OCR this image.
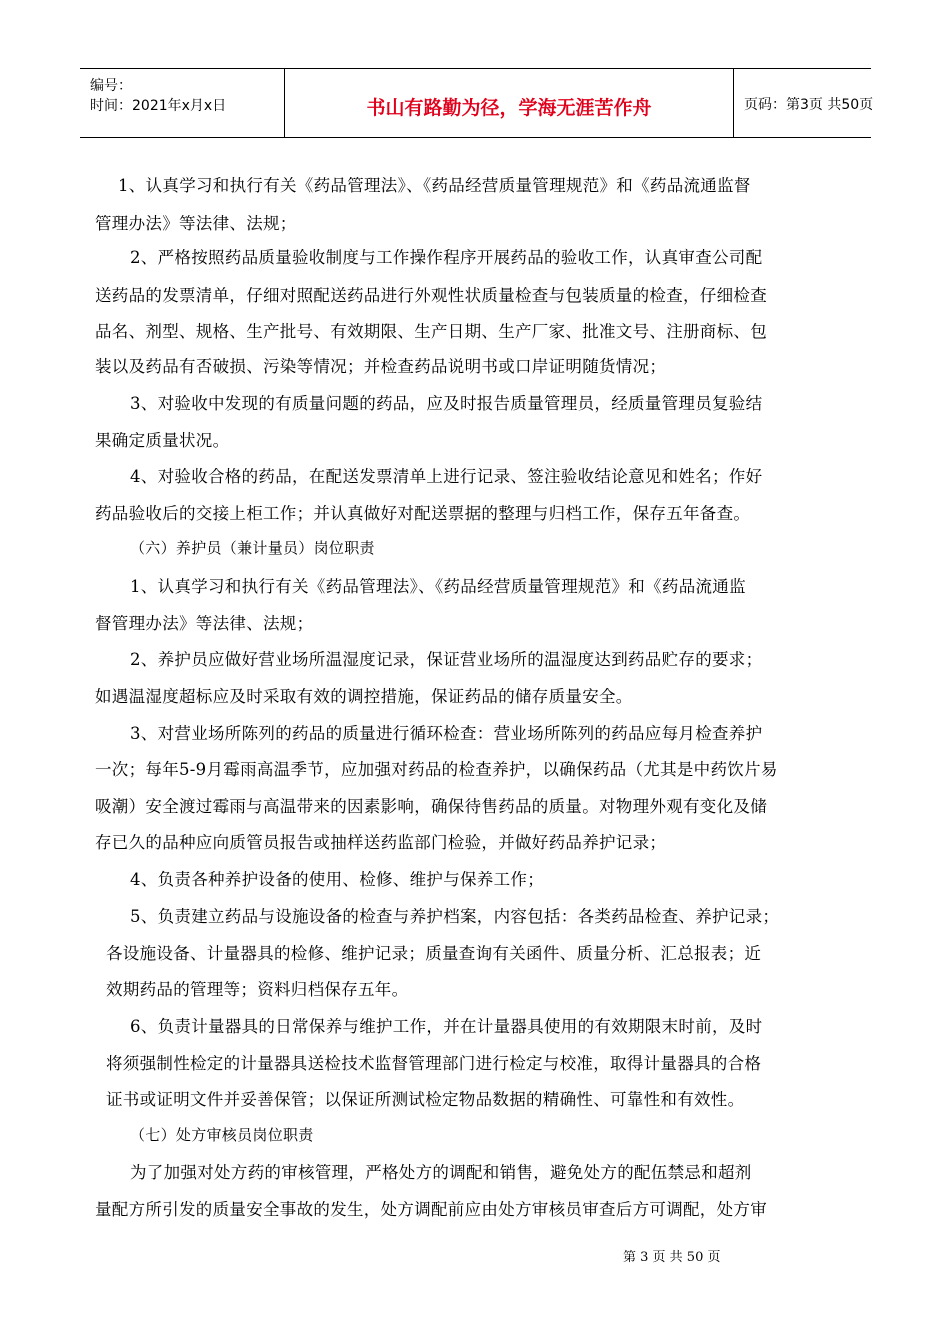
编号：
时间：2021年x月x日	书山有路勤为径，学海无涯苦作舟	页码：第3页 共50页
1、认真学习和执行有关《药品管理法》、《药品经营质量管理规范》和《药品流通监督
管理办法》等法律、法规；
2、严格按照药品质量验收制度与工作操作程序开展药品的验收工作，认真审查公司配
送药品的发票清单，仔细对照配送药品进行外观性状质量检查与包装质量的检查，仔细检查
品名、剂型、规格、生产批号、有效期限、生产日期、生产厂家、批准文号、注册商标、包
装以及药品有否破损、污染等情况；并检查药品说明书或口岸证明随货情况；
3、对验收中发现的有质量问题的药品，应及时报告质量管理员，经质量管理员复验结
果确定质量状况。
4、对验收合格的药品，在配送发票清单上进行记录、签注验收结论意见和姓名；作好
药品验收后的交接上柜工作；并认真做好对配送票据的整理与归档工作，保存五年备查。
（六）养护员（兼计量员）岗位职责
1、认真学习和执行有关《药品管理法》、《药品经营质量管理规范》和《药品流通监
督管理办法》等法律、法规；
2、养护员应做好营业场所温湿度记录，保证营业场所的温湿度达到药品贮存的要求；
如遇温湿度超标应及时采取有效的调控措施，保证药品的储存质量安全。
3、对营业场所陈列的药品的质量进行循环检查：营业场所陈列的药品应每月检查养护
一次；每年5-9月霉雨高温季节，应加强对药品的检查养护，以确保药品（尤其是中药饮片易
吸潮）安全渡过霉雨与高温带来的因素影响，确保待售药品的质量。对物理外观有变化及储
存已久的品种应向质管员报告或抽样送药监部门检验，并做好药品养护记录；
4、负责各种养护设备的使用、检修、维护与保养工作；
5、负责建立药品与设施设备的检查与养护档案，内容包括：各类药品检查、养护记录；
各设施设备、计量器具的检修、维护记录；质量查询有关函件、质量分析、汇总报表；近
效期药品的管理等；资料归档保存五年。
6、负责计量器具的日常保养与维护工作，并在计量器具使用的有效期限末时前，及时
将须强制性检定的计量器具送检技术监督管理部门进行检定与校准，取得计量器具的合格
证书或证明文件并妥善保管；以保证所测试检定物品数据的精确性、可靠性和有效性。
（七）处方审核员岗位职责
为了加强对处方药的审核管理，严格处方的调配和销售，避免处方的配伍禁忌和超剂
量配方所引发的质量安全事故的发生，处方调配前应由处方审核员审查后方可调配，处方审
第 3 页 共 50 页
